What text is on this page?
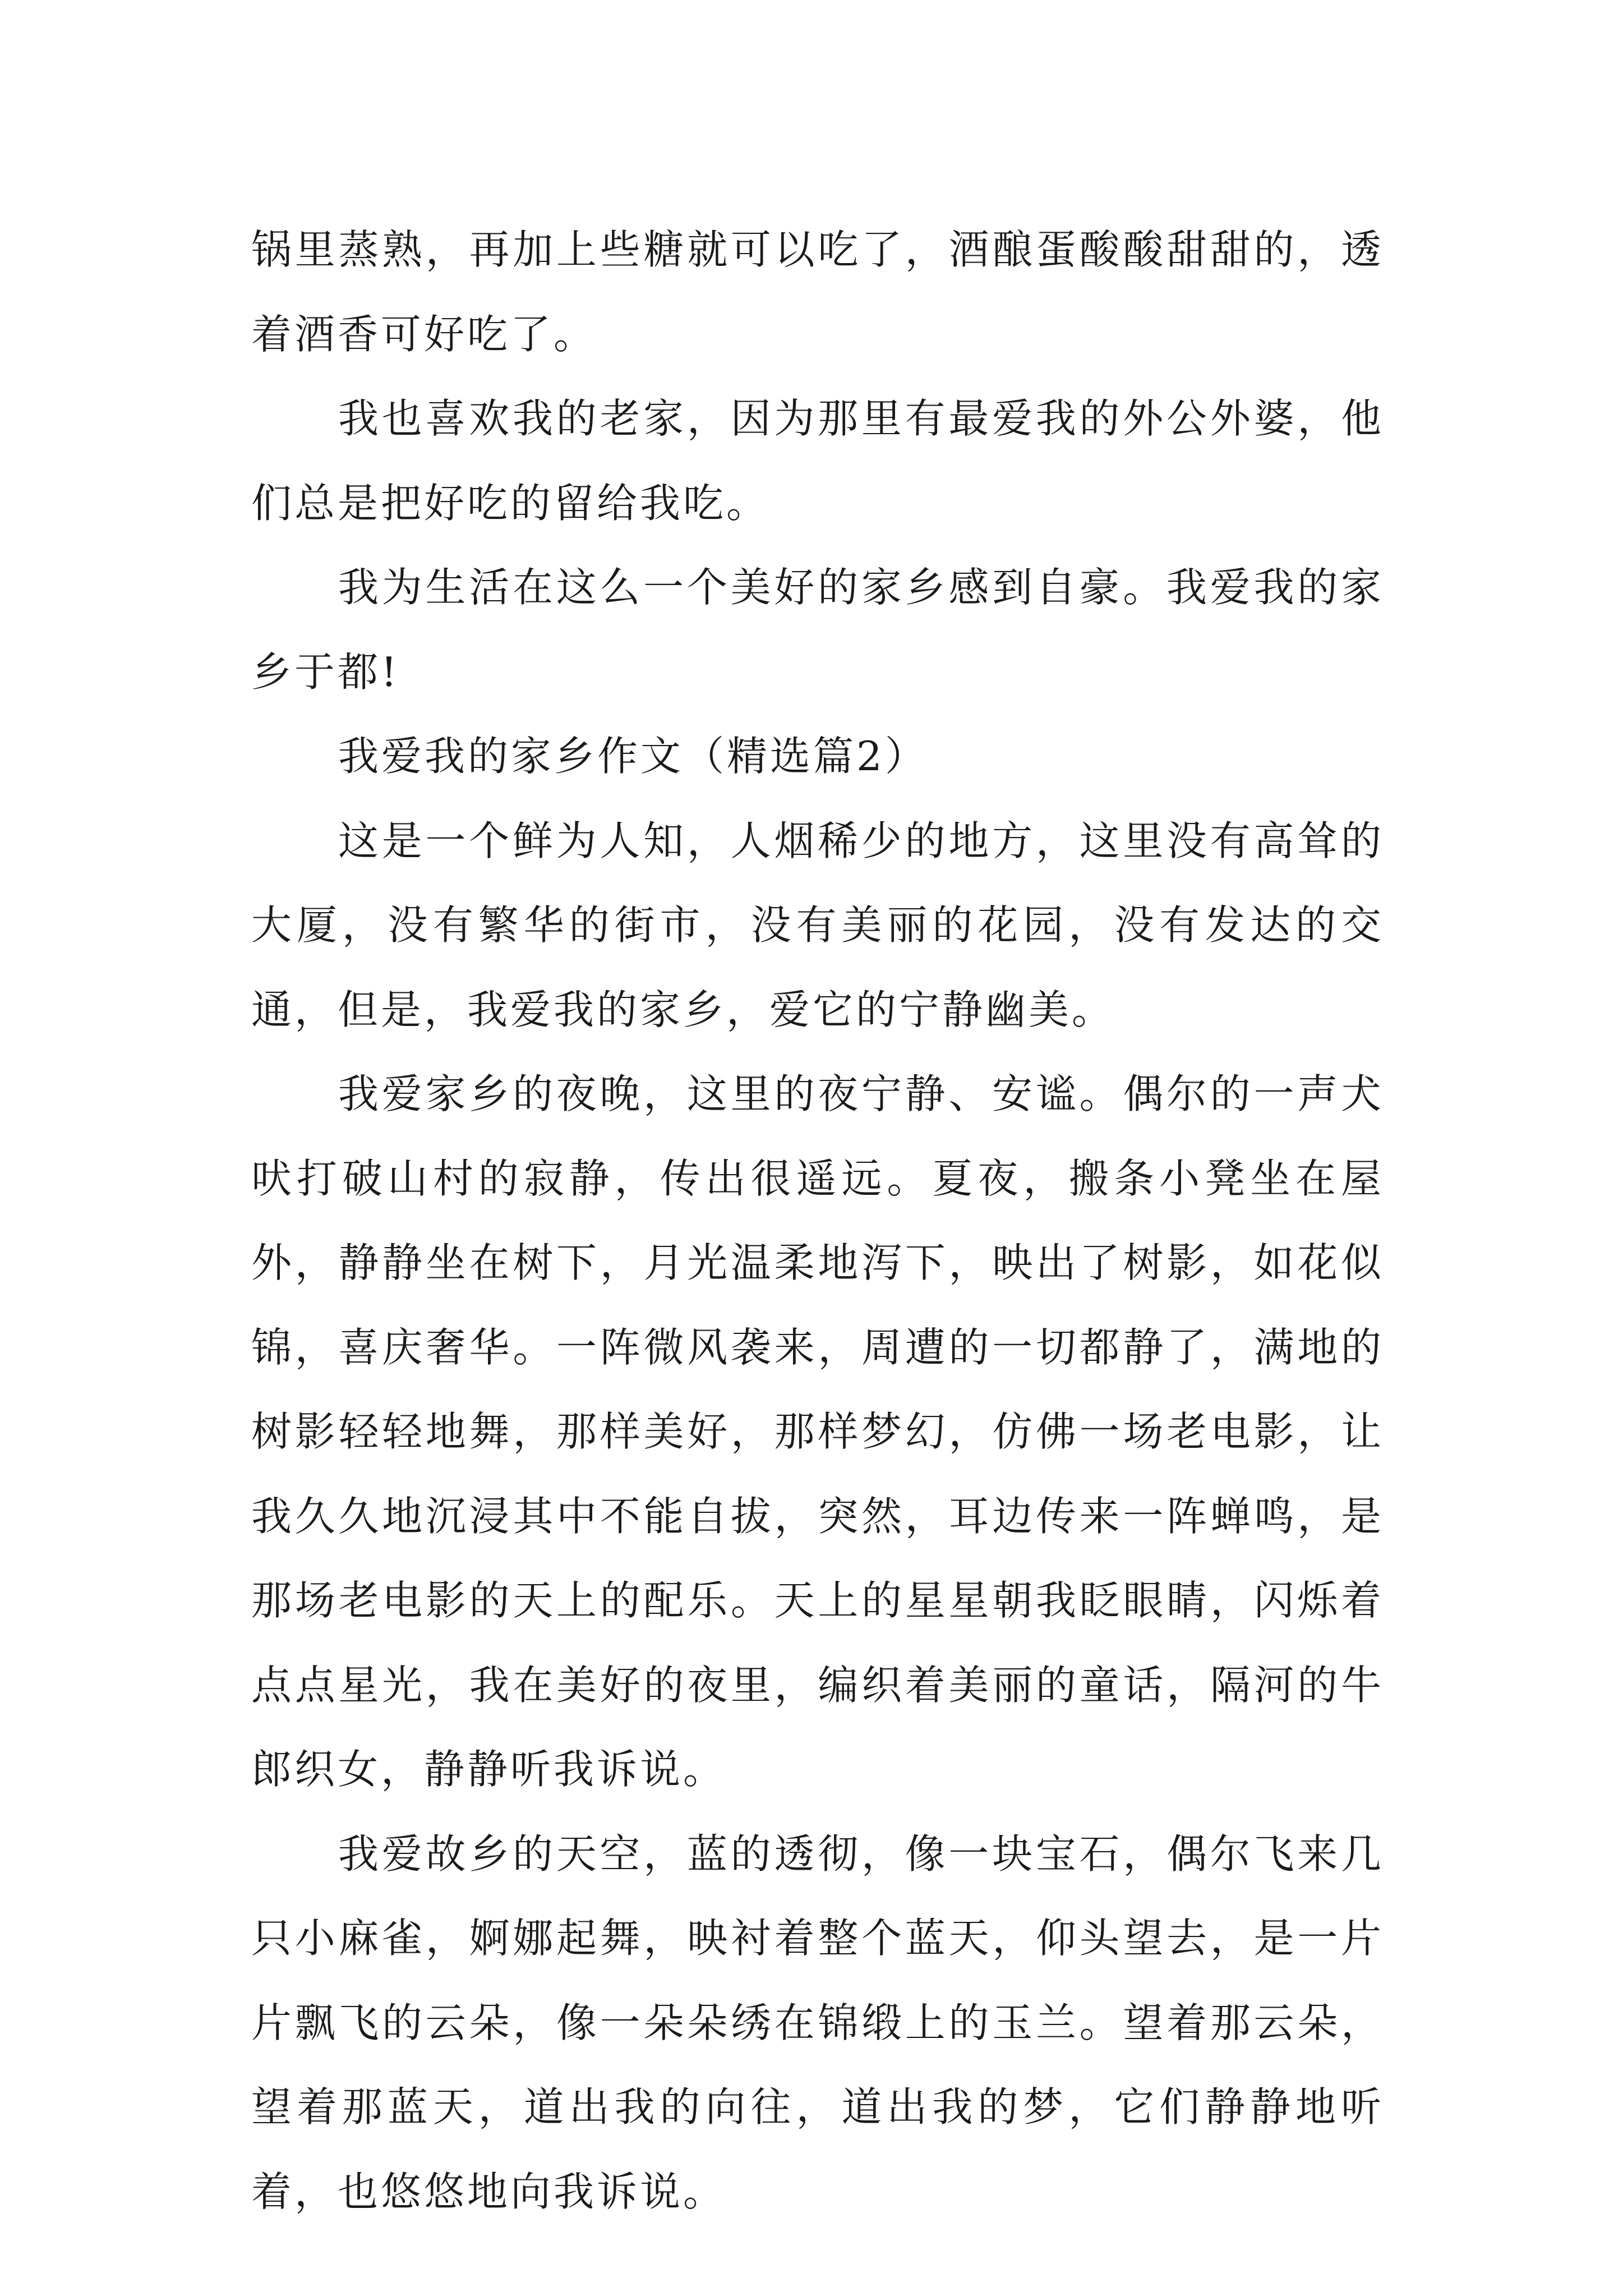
锅里蒸熟，再加上些糖就可以吃了，酒酿蛋酸酸甜甜的，透着酒香可好吃了。

我也喜欢我的老家，因为那里有最爱我的外公外婆，他们总是把好吃的留给我吃。

我为生活在这么一个美好的家乡感到自豪。我爱我的家乡于都!

我爱我的家乡作文（精选篇2）

这是一个鲜为人知，人烟稀少的地方，这里没有高耸的大厦，没有繁华的街市，没有美丽的花园，没有发达的交通，但是，我爱我的家乡，爱它的宁静幽美。

我爱家乡的夜晚，这里的夜宁静、安谧。偶尔的一声犬吠打破山村的寂静，传出很遥远。夏夜，搬条小凳坐在屋外，静静坐在树下，月光温柔地泻下，映出了树影，如花似锦，喜庆奢华。一阵微风袭来，周遭的一切都静了，满地的树影轻轻地舞，那样美好，那样梦幻，仿佛一场老电影，让我久久地沉浸其中不能自拔，突然，耳边传来一阵蝉鸣，是那场老电影的天上的配乐。天上的星星朝我眨眼睛，闪烁着点点星光，我在美好的夜里，编织着美丽的童话，隔河的牛郎织女，静静听我诉说。

我爱故乡的天空，蓝的透彻，像一块宝石，偶尔飞来几只小麻雀，婀娜起舞，映衬着整个蓝天，仰头望去，是一片片飘飞的云朵，像一朵朵绣在锦缎上的玉兰。望着那云朵，望着那蓝天，道出我的向往，道出我的梦，它们静静地听着，也悠悠地向我诉说。
